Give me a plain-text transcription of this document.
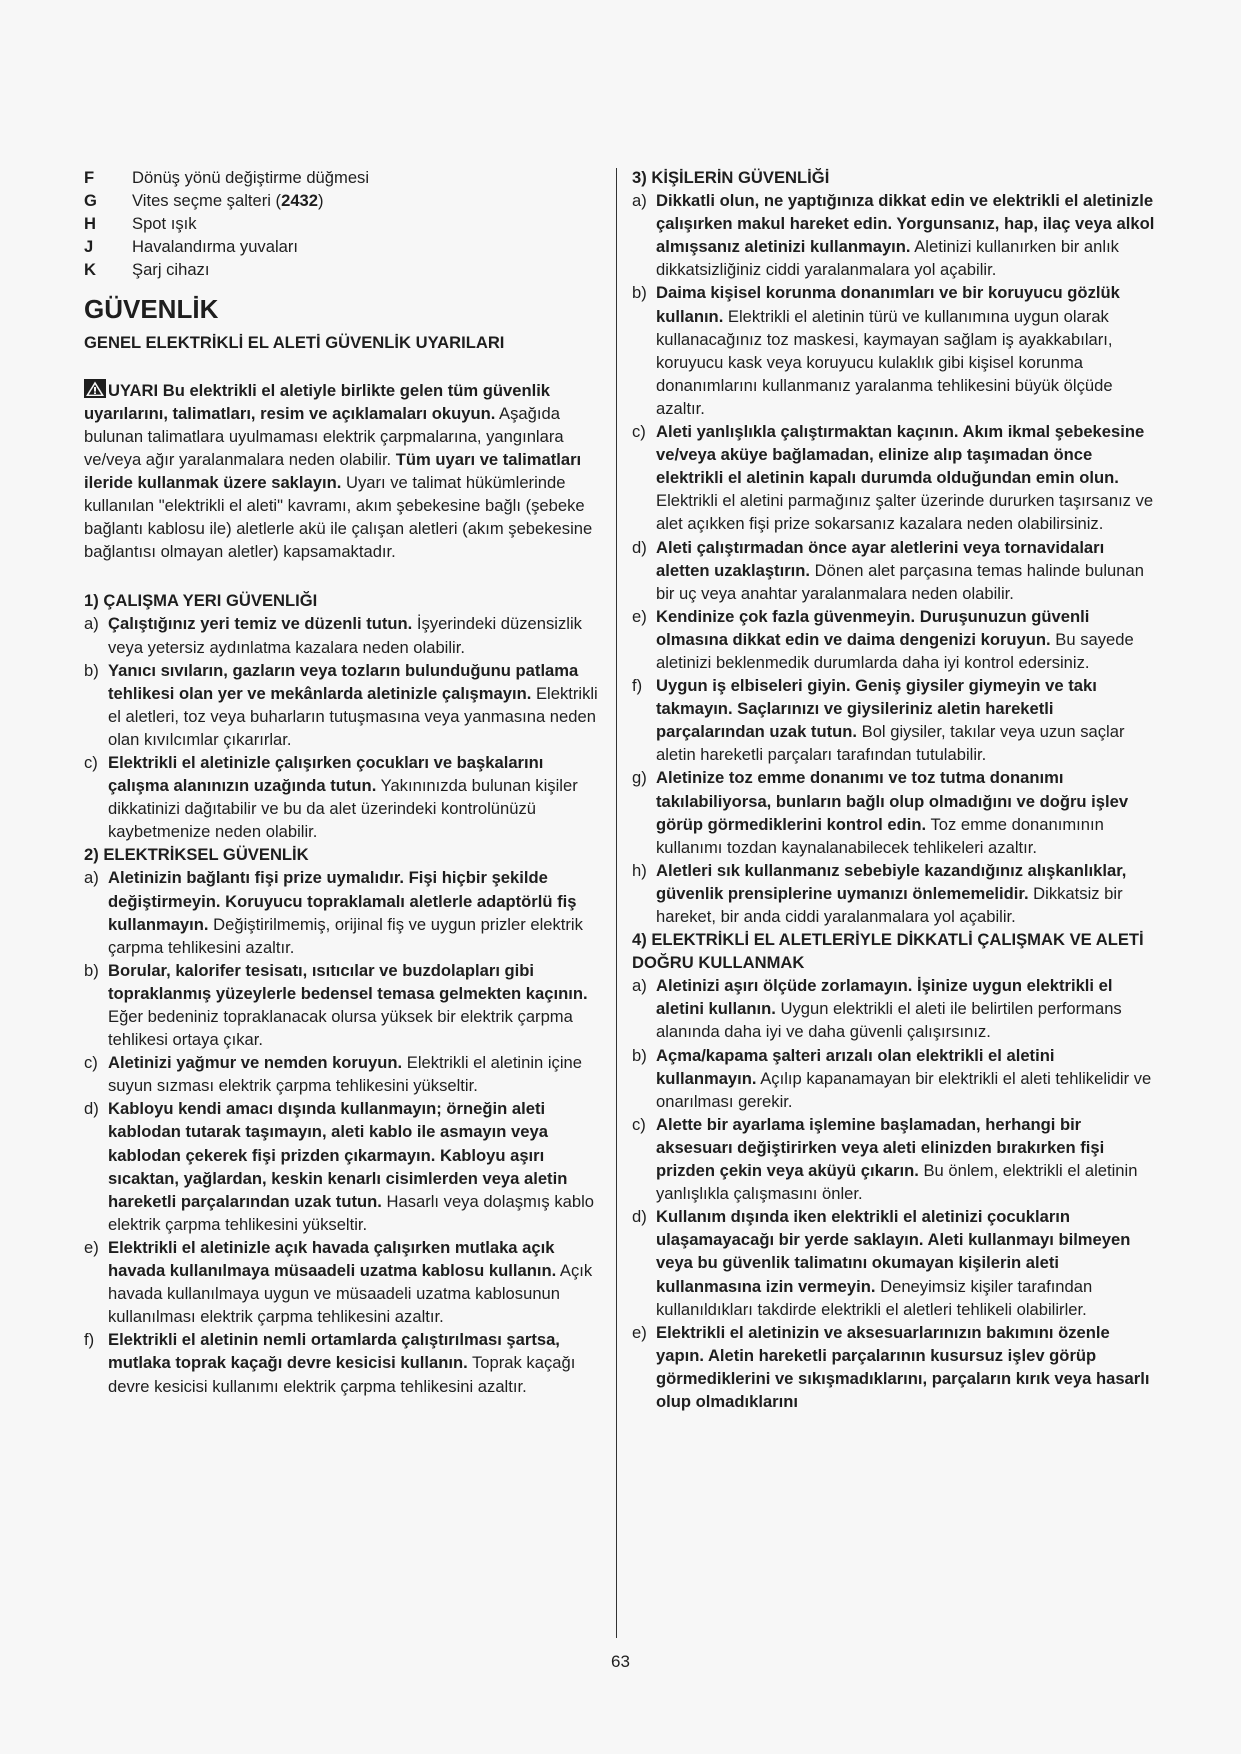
F	Dönüş yönü değiştirme düğmesi
G	Vites seçme şalteri (2432)
H	Spot ışık
J	Havalandırma yuvaları
K	Şarj cihazı
GÜVENLİK
GENEL ELEKTRİKLİ EL ALETİ GÜVENLİK UYARILARI
UYARI Bu elektrikli el aletiyle birlikte gelen tüm güvenlik uyarılarını, talimatları, resim ve açıklamaları okuyun. Aşağıda bulunan talimatlara uyulmaması elektrik çarpmalarına, yangınlara ve/veya ağır yaralanmalara neden olabilir. Tüm uyarı ve talimatları ileride kullanmak üzere saklayın. Uyarı ve talimat hükümlerinde kullanılan "elektrikli el aleti" kavramı, akım şebekesine bağlı (şebeke bağlantı kablosu ile) aletlerle akü ile çalışan aletleri (akım şebekesine bağlantısı olmayan aletler) kapsamaktadır.
1) ÇALIŞMA YERI GÜVENLIĞI
a) Çalıştığınız yeri temiz ve düzenli tutun. İşyerindeki düzensizlik veya yetersiz aydınlatma kazalara neden olabilir.
b) Yanıcı sıvıların, gazların veya tozların bulunduğunu patlama tehlikesi olan yer ve mekânlarda aletinizle çalışmayın. Elektrikli el aletleri, toz veya buharların tutuşmasına veya yanmasına neden olan kıvılcımlar çıkarırlar.
c) Elektrikli el aletinizle çalışırken çocukları ve başkalarını çalışma alanınızın uzağında tutun. Yakınınızda bulunan kişiler dikkatinizi dağıtabilir ve bu da alet üzerindeki kontrolünüzü kaybetmenize neden olabilir.
2) ELEKTRİKSEL GÜVENLİK
a) Aletinizin bağlantı fişi prize uymalıdır. Fişi hiçbir şekilde değiştirmeyin. Koruyucu topraklamalı aletlerle adaptörlü fiş kullanmayın. Değiştirilmemiş, orijinal fiş ve uygun prizler elektrik çarpma tehlikesini azaltır.
b) Borular, kalorifer tesisatı, ısıtıcılar ve buzdolapları gibi topraklanmış yüzeylerle bedensel temasa gelmekten kaçının. Eğer bedeniniz topraklanacak olursa yüksek bir elektrik çarpma tehlikesi ortaya çıkar.
c) Aletinizi yağmur ve nemden koruyun. Elektrikli el aletinin içine suyun sızması elektrik çarpma tehlikesini yükseltir.
d) Kabloyu kendi amacı dışında kullanmayın; örneğin aleti kablodan tutarak taşımayın, aleti kablo ile asmayın veya kablodan çekerek fişi prizden çıkarmayın. Kabloyu aşırı sıcaktan, yağlardan, keskin kenarlı cisimlerden veya aletin hareketli parçalarından uzak tutun. Hasarlı veya dolaşmış kablo elektrik çarpma tehlikesini yükseltir.
e) Elektrikli el aletinizle açık havada çalışırken mutlaka açık havada kullanılmaya müsaadeli uzatma kablosu kullanın. Açık havada kullanılmaya uygun ve müsaadeli uzatma kablosunun kullanılması elektrik çarpma tehlikesini azaltır.
f) Elektrikli el aletinin nemli ortamlarda çalıştırılması şartsa, mutlaka toprak kaçağı devre kesicisi kullanın. Toprak kaçağı devre kesicisi kullanımı elektrik çarpma tehlikesini azaltır.
3) KİŞİLERİN GÜVENLİĞİ
a) Dikkatli olun, ne yaptığınıza dikkat edin ve elektrikli el aletinizle çalışırken makul hareket edin. Yorgunsanız, hap, ilaç veya alkol almışsanız aletinizi kullanmayın. Aletinizi kullanırken bir anlık dikkatsizliğiniz ciddi yaralanmalara yol açabilir.
b) Daima kişisel korunma donanımları ve bir koruyucu gözlük kullanın. Elektrikli el aletinin türü ve kullanımına uygun olarak kullanacağınız toz maskesi, kaymayan sağlam iş ayakkabıları, koruyucu kask veya koruyucu kulaklık gibi kişisel korunma donanımlarını kullanmanız yaralanma tehlikesini büyük ölçüde azaltır.
c) Aleti yanlışlıkla çalıştırmaktan kaçının. Akım ikmal şebekesine ve/veya aküye bağlamadan, elinize alıp taşımadan önce elektrikli el aletinin kapalı durumda olduğundan emin olun. Elektrikli el aletini parmağınız şalter üzerinde dururken taşırsanız ve alet açıkken fişi prize sokarsanız kazalara neden olabilirsiniz.
d) Aleti çalıştırmadan önce ayar aletlerini veya tornavidaları aletten uzaklaştırın. Dönen alet parçasına temas halinde bulunan bir uç veya anahtar yaralanmalara neden olabilir.
e) Kendinize çok fazla güvenmeyin. Duruşunuzun güvenli olmasına dikkat edin ve daima dengenizi koruyun. Bu sayede aletinizi beklenmedik durumlarda daha iyi kontrol edersiniz.
f) Uygun iş elbiseleri giyin. Geniş giysiler giymeyin ve takı takmayın. Saçlarınızı ve giysileriniz aletin hareketli parçalarından uzak tutun. Bol giysiler, takılar veya uzun saçlar aletin hareketli parçaları tarafından tutulabilir.
g) Aletinize toz emme donanımı ve toz tutma donanımı takılabiliyorsa, bunların bağlı olup olmadığını ve doğru işlev görüp görmediklerini kontrol edin. Toz emme donanımının kullanımı tozdan kaynalanabilecek tehlikeleri azaltır.
h) Aletleri sık kullanmanız sebebiyle kazandığınız alışkanlıklar, güvenlik prensiplerine uymanızı önlememelidir. Dikkatsiz bir hareket, bir anda ciddi yaralanmalara yol açabilir.
4) ELEKTRİKLİ EL ALETLERİYLE DİKKATLİ ÇALIŞMAK VE ALETİ DOĞRU KULLANMAK
a) Aletinizi aşırı ölçüde zorlamayın. İşinize uygun elektrikli el aletini kullanın. Uygun elektrikli el aleti ile belirtilen performans alanında daha iyi ve daha güvenli çalışırsınız.
b) Açma/kapama şalteri arızalı olan elektrikli el aletini kullanmayın. Açılıp kapanamayan bir elektrikli el aleti tehlikelidir ve onarılması gerekir.
c) Alette bir ayarlama işlemine başlamadan, herhangi bir aksesuarı değiştirirken veya aleti elinizden bırakırken fişi prizden çekin veya aküyü çıkarın. Bu önlem, elektrikli el aletinin yanlışlıkla çalışmasını önler.
d) Kullanım dışında iken elektrikli el aletinizi çocukların ulaşamayacağı bir yerde saklayın. Aleti kullanmayı bilmeyen veya bu güvenlik talimatını okumayan kişilerin aleti kullanmasına izin vermeyin. Deneyimsiz kişiler tarafından kullanıldıkları takdirde elektrikli el aletleri tehlikeli olabilirler.
e) Elektrikli el aletinizin ve aksesuarlarınızın bakımını özenle yapın. Aletin hareketli parçalarının kusursuz işlev görüp görmediklerini ve sıkışmadıklarını, parçaların kırık veya hasarlı olup olmadıklarını
63
